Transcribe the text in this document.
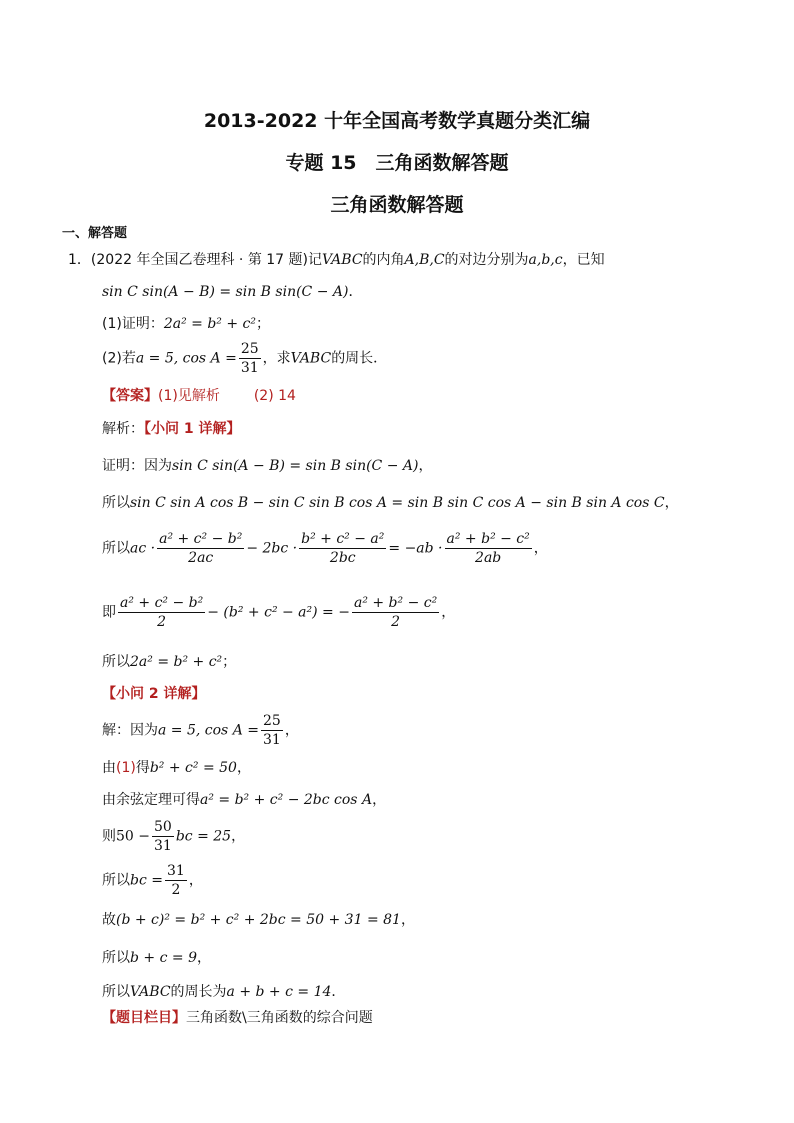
2013-2022 十年全国高考数学真题分类汇编
专题 15　三角函数解答题
三角函数解答题
一、解答题
1．(2022 年全国乙卷理科 · 第 17 题)记VABC的内角A,B,C的对边分别为a,b,c，已知
sin C sin(A − B) = sin B sin(C − A)．
(1)证明：2a² = b² + c²；
(2)若a = 5, $\cos A = \frac{25}{31}$ ，求VABC的周长．
【答案】(1)见解析 (2) 14
解析：【小问 1 详解】
证明：因为sin C sin(A − B) = sin B sin(C − A)，
所以sin C sin A cos B − sin C sin B cos A = sin B sin C cos A − sin B sin A cos C，
所以ac · $\frac{\text{a² + c² − b²}}{2ac} - 2bc \cdot \frac{\text{b² + c² − a²}}{2bc} = -ab \cdot \frac{\text{a² + b² − c²}}{2ab}$ ，
即 $\frac{\text{a² + c² − b²}}{2} - (b^2 + c^2 - a^2)$ = − $\frac{\text{a² + b² − c²}}{2}$ ，
所以2a² = b² + c²；
【小问 2 详解】
解：因为a = 5, $\cos A = \frac{25}{31}$ ，
由(1)得b² + c² = 50，
由余弦定理可得a² = b² + c² − 2bc cos A，
则$50 - \frac{50}{31}$ bc = 25，
所以bc = $\frac{31}{2}$ ，
故(b + c)² = b² + c² + 2bc = 50 + 31 = 81，
所以b + c = 9，
所以VABC的周长为a + b + c = 14．
【题目栏目】三角函数\三角函数的综合问题
